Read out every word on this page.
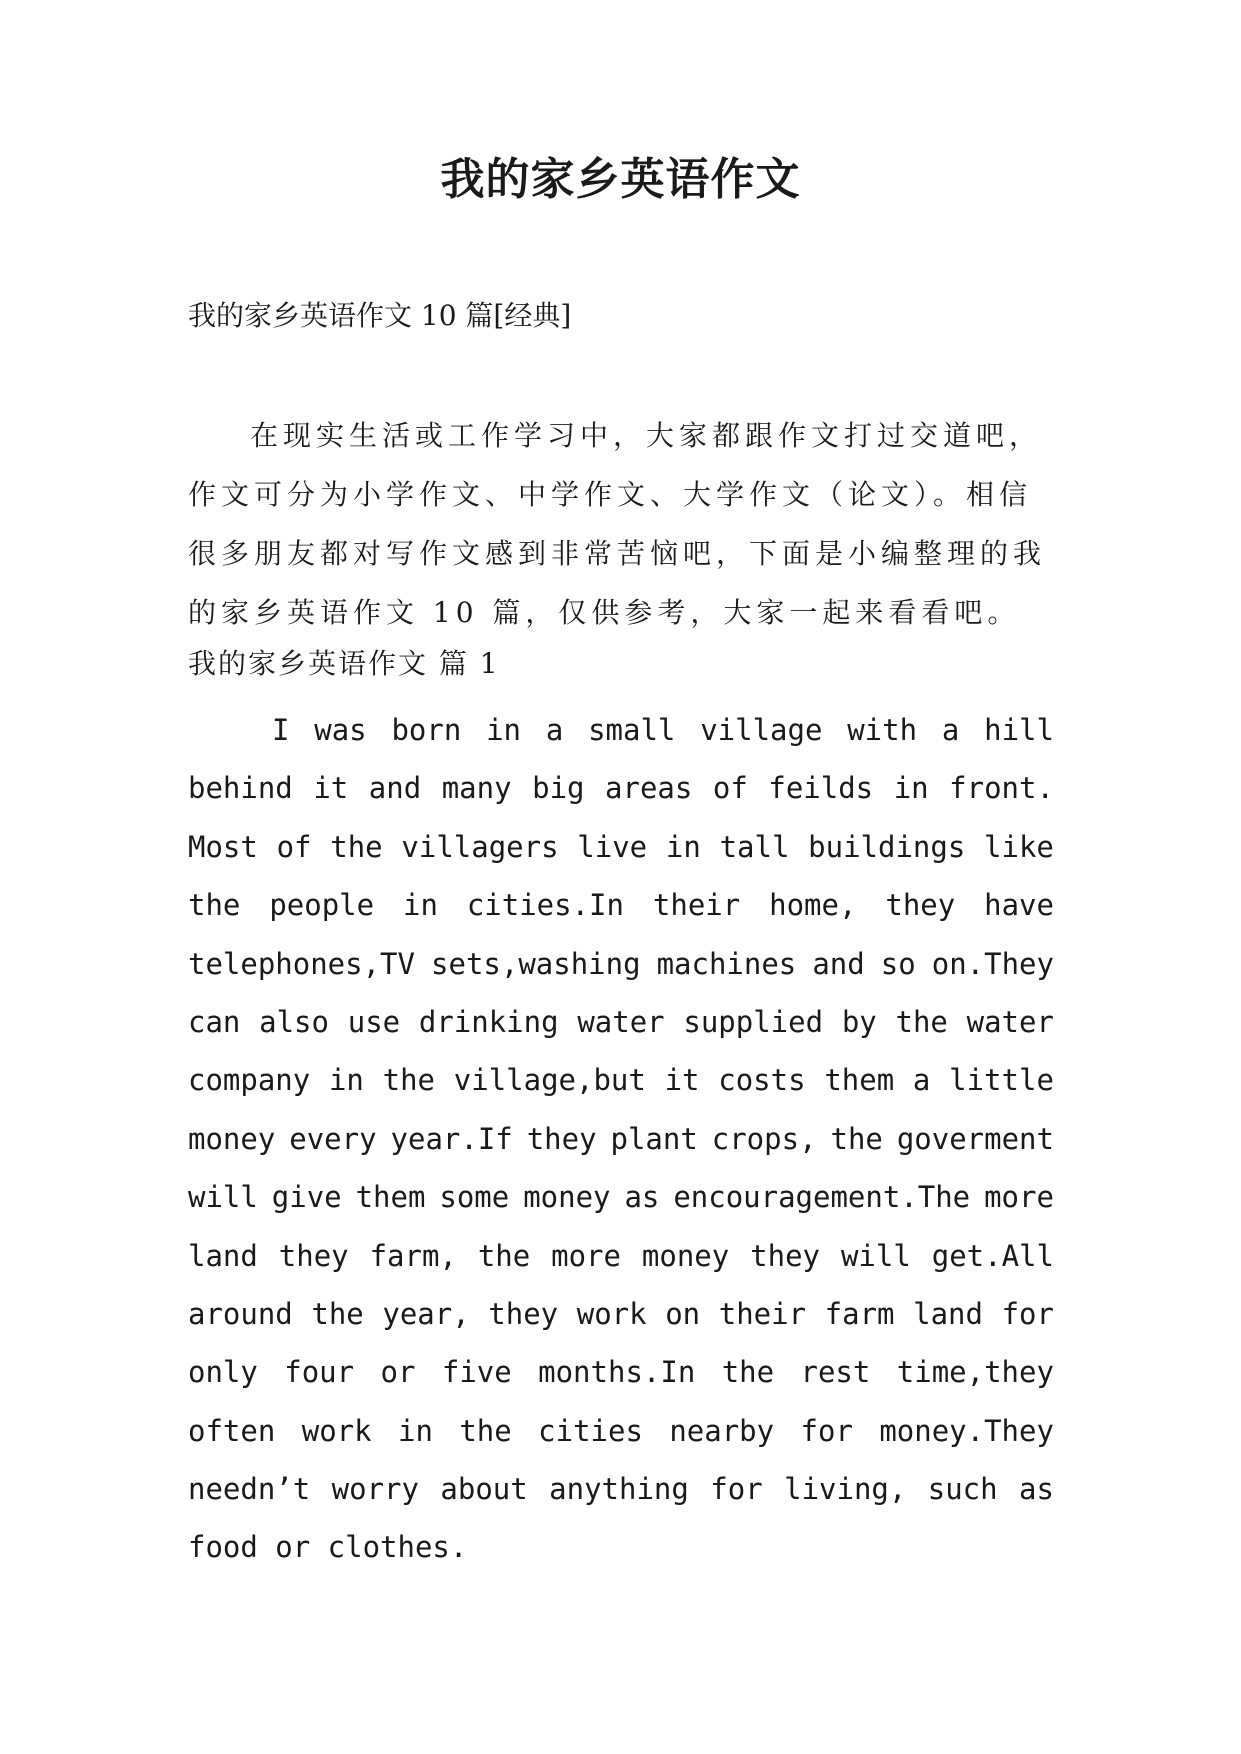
我的家乡英语作文

我的家乡英语作文 10 篇[经典]

在现实生活或工作学习中，大家都跟作文打过交道吧，
作文可分为小学作文、中学作文、大学作文（论文）。相信
很多朋友都对写作文感到非常苦恼吧，下面是小编整理的我
的家乡英语作文 10 篇，仅供参考，大家一起来看看吧。

我的家乡英语作文 篇 1

I was born in a small village with a hill
behind it and many big areas of feilds in front.
Most of the villagers live in tall buildings like
the people in cities.In their home, they have
telephones,TV sets,washing machines and so on.They
can also use drinking water supplied by the water
company in the village,but it costs them a little
money every year.If they plant crops, the goverment
will give them some money as encouragement.The more
land they farm, the more money they will get.All
around the year, they work on their farm land for
only four or five months.In the rest time,they
often work in the cities nearby for money.They
needn’t worry about anything for living, such as
food or clothes.
